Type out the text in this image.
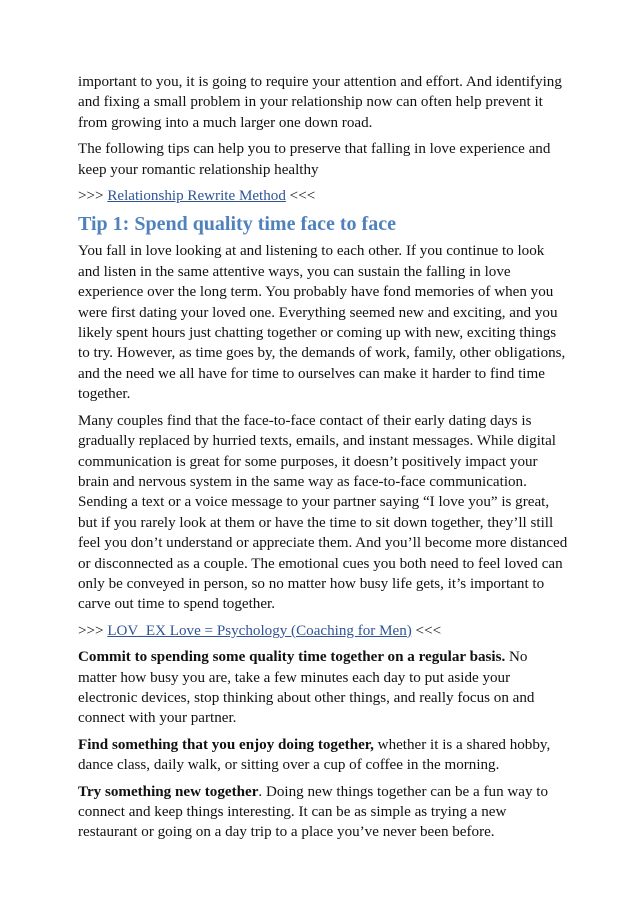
important to you, it is going to require your attention and effort. And identifying and fixing a small problem in your relationship now can often help prevent it from growing into a much larger one down road.

The following tips can help you to preserve that falling in love experience and keep your romantic relationship healthy

>>> Relationship Rewrite Method <<<

Tip 1: Spend quality time face to face

You fall in love looking at and listening to each other. If you continue to look and listen in the same attentive ways, you can sustain the falling in love experience over the long term. You probably have fond memories of when you were first dating your loved one. Everything seemed new and exciting, and you likely spent hours just chatting together or coming up with new, exciting things to try. However, as time goes by, the demands of work, family, other obligations, and the need we all have for time to ourselves can make it harder to find time together.

Many couples find that the face-to-face contact of their early dating days is gradually replaced by hurried texts, emails, and instant messages. While digital communication is great for some purposes, it doesn’t positively impact your brain and nervous system in the same way as face-to-face communication. Sending a text or a voice message to your partner saying “I love you” is great, but if you rarely look at them or have the time to sit down together, they’ll still feel you don’t understand or appreciate them. And you’ll become more distanced or disconnected as a couple. The emotional cues you both need to feel loved can only be conveyed in person, so no matter how busy life gets, it’s important to carve out time to spend together.

>>> LOV_EX Love = Psychology (Coaching for Men) <<<

Commit to spending some quality time together on a regular basis. No matter how busy you are, take a few minutes each day to put aside your electronic devices, stop thinking about other things, and really focus on and connect with your partner.

Find something that you enjoy doing together, whether it is a shared hobby, dance class, daily walk, or sitting over a cup of coffee in the morning.

Try something new together. Doing new things together can be a fun way to connect and keep things interesting. It can be as simple as trying a new restaurant or going on a day trip to a place you’ve never been before.
